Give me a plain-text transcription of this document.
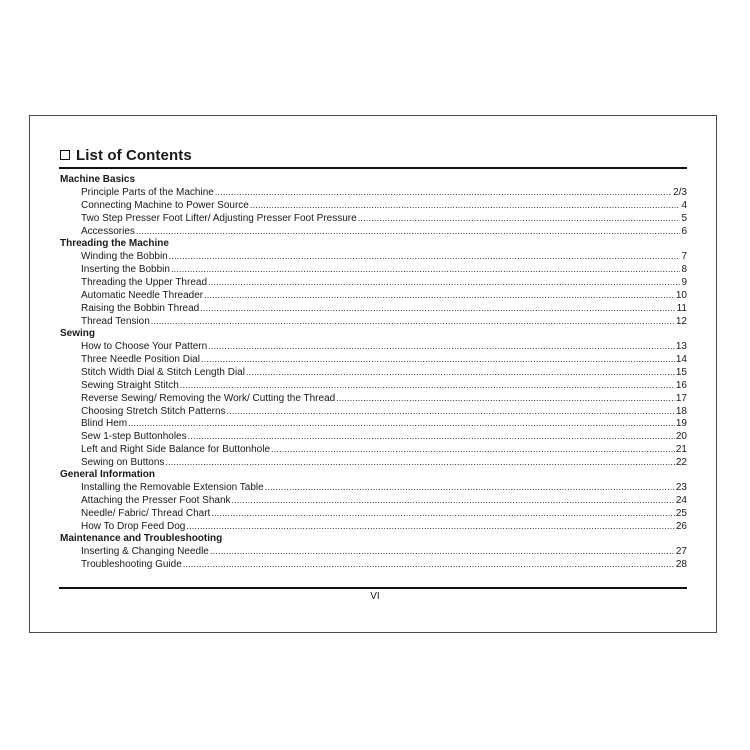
List of Contents
Machine Basics
Principle Parts of the Machine .....	2/3
Connecting Machine to Power Source .....	4
Two Step Presser Foot Lifter/ Adjusting Presser Foot Pressure .....	5
Accessories .....	6
Threading the Machine
Winding the Bobbin .....	7
Inserting the Bobbin .....	8
Threading the Upper Thread .....	9
Automatic Needle Threader .....	10
Raising the Bobbin Thread .....	11
Thread Tension .....	12
Sewing
How to Choose Your Pattern .....	13
Three Needle Position Dial .....	14
Stitch Width Dial & Stitch Length Dial .....	15
Sewing Straight Stitch .....	16
Reverse Sewing/ Removing the Work/ Cutting the Thread .....	17
Choosing Stretch Stitch Patterns .....	18
Blind Hem .....	19
Sew 1-step Buttonholes .....	20
Left and Right Side Balance for Buttonhole .....	21
Sewing on Buttons .....	22
General Information
Installing the Removable Extension Table .....	23
Attaching the Presser Foot Shank .....	24
Needle/ Fabric/ Thread Chart .....	25
How To Drop Feed Dog .....	26
Maintenance and Troubleshooting
Inserting & Changing Needle .....	27
Troubleshooting Guide .....	28
VI
